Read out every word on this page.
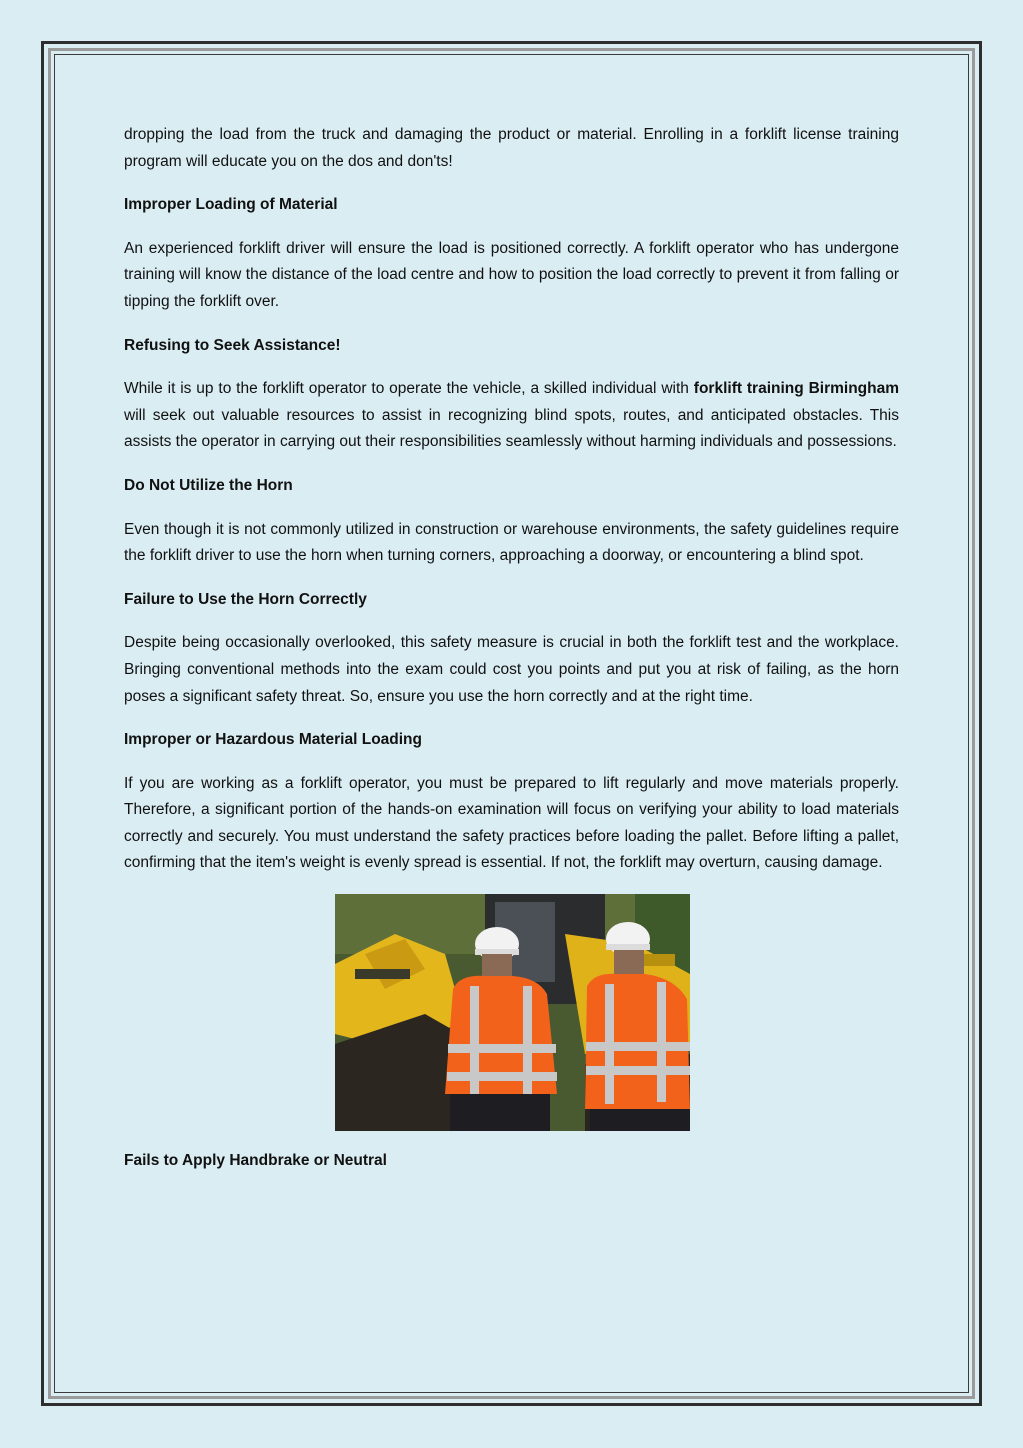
dropping the load from the truck and damaging the product or material. Enrolling in a forklift license training program will educate you on the dos and don'ts!

Improper Loading of Material

An experienced forklift driver will ensure the load is positioned correctly. A forklift operator who has undergone training will know the distance of the load centre and how to position the load correctly to prevent it from falling or tipping the forklift over.

Refusing to Seek Assistance!

While it is up to the forklift operator to operate the vehicle, a skilled individual with forklift training Birmingham will seek out valuable resources to assist in recognizing blind spots, routes, and anticipated obstacles. This assists the operator in carrying out their responsibilities seamlessly without harming individuals and possessions.

Do Not Utilize the Horn

Even though it is not commonly utilized in construction or warehouse environments, the safety guidelines require the forklift driver to use the horn when turning corners, approaching a doorway, or encountering a blind spot.

Failure to Use the Horn Correctly

Despite being occasionally overlooked, this safety measure is crucial in both the forklift test and the workplace. Bringing conventional methods into the exam could cost you points and put you at risk of failing, as the horn poses a significant safety threat. So, ensure you use the horn correctly and at the right time.

Improper or Hazardous Material Loading

If you are working as a forklift operator, you must be prepared to lift regularly and move materials properly. Therefore, a significant portion of the hands-on examination will focus on verifying your ability to load materials correctly and securely. You must understand the safety practices before loading the pallet. Before lifting a pallet, confirming that the item's weight is evenly spread is essential. If not, the forklift may overturn, causing damage.

Fails to Apply Handbrake or Neutral
